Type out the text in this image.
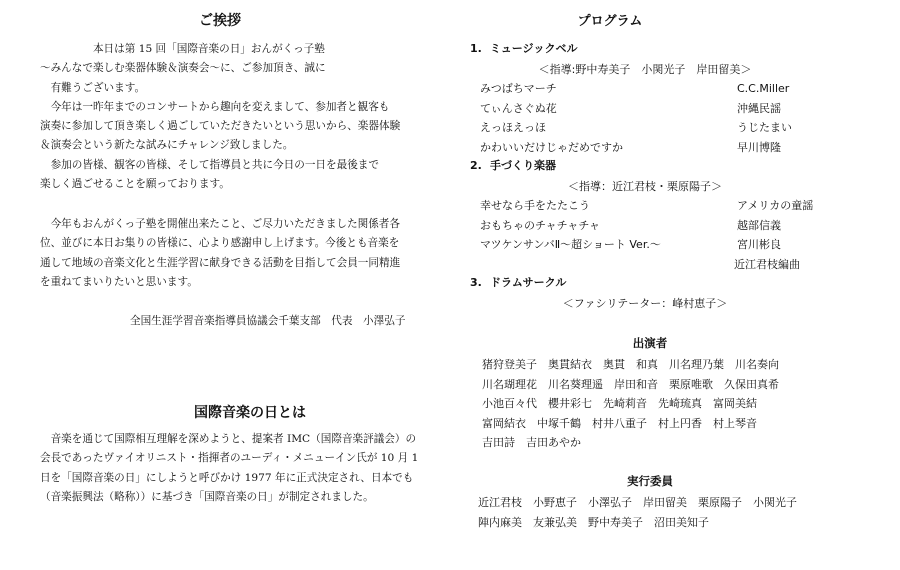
ご挨拶
　　　　　本日は第 15 回「国際音楽の日」おんがくっ子塾
～みんなで楽しむ楽器体験＆演奏会～に、ご参加頂き、誠に
　有難うございます。
　今年は一昨年までのコンサートから趣向を変えまして、参加者と観客も
演奏に参加して頂き楽しく過ごしていただきたいという思いから、楽器体験
＆演奏会という新たな試みにチャレンジ致しました。
　参加の皆様、観客の皆様、そして指導員と共に今日の一日を最後まで
楽しく過ごせることを願っております。
　今年もおんがくっ子塾を開催出来たこと、ご尽力いただきました関係者各
位、並びに本日お集りの皆様に、心より感謝申し上げます。今後とも音楽を
通して地域の音楽文化と生涯学習に献身できる活動を目指して会員一同精進
を重ねてまいりたいと思います。
全国生涯学習音楽指導員協議会千葉支部　代表　小澤弘子
国際音楽の日とは
　音楽を通じて国際相互理解を深めようと、提案者 IMC（国際音楽評議会）の
会長であったヴァイオリニスト・指揮者のユーディ・メニューイン氏が 10 月 1
日を「国際音楽の日」にしようと呼びかけ 1977 年に正式決定され、日本でも
（音楽振興法（略称））に基づき「国際音楽の日」が制定されました。
プログラム
1. ミュージックベル
＜指導:野中寿美子　小関光子　岸田留美＞
みつばちマーチ	C.C.Miller
てぃんさぐぬ花	沖縄民謡
えっほえっほ	うじたまい
かわいいだけじゃだめですか	早川博隆
2. 手づくり楽器
＜指導：近江君枝・栗原陽子＞
幸せなら手をたたこう	アメリカの童謡
おもちゃのチャチャチャ	越部信義
マツケンサンバⅡ～超ショート Ver.～	宮川彬良
近江君枝編曲
3. ドラムサークル
＜ファシリテーター：峰村恵子＞
出演者
猪狩登美子　奥貫結衣　奥貫　和真　川名理乃葉　川名奏向
川名瑚理花　川名葵理遥　岸田和音　栗原唯歌　久保田真希
小池百々代　櫻井彩七　先崎莉音　先崎琉真　富岡美結
富岡結衣　中塚千鶴　村井八重子　村上円香　村上琴音
吉田詩　吉田あやか
実行委員
近江君枝　小野恵子　小澤弘子　岸田留美　栗原陽子　小関光子
陣内麻美　友兼弘美　野中寿美子　沼田美知子
